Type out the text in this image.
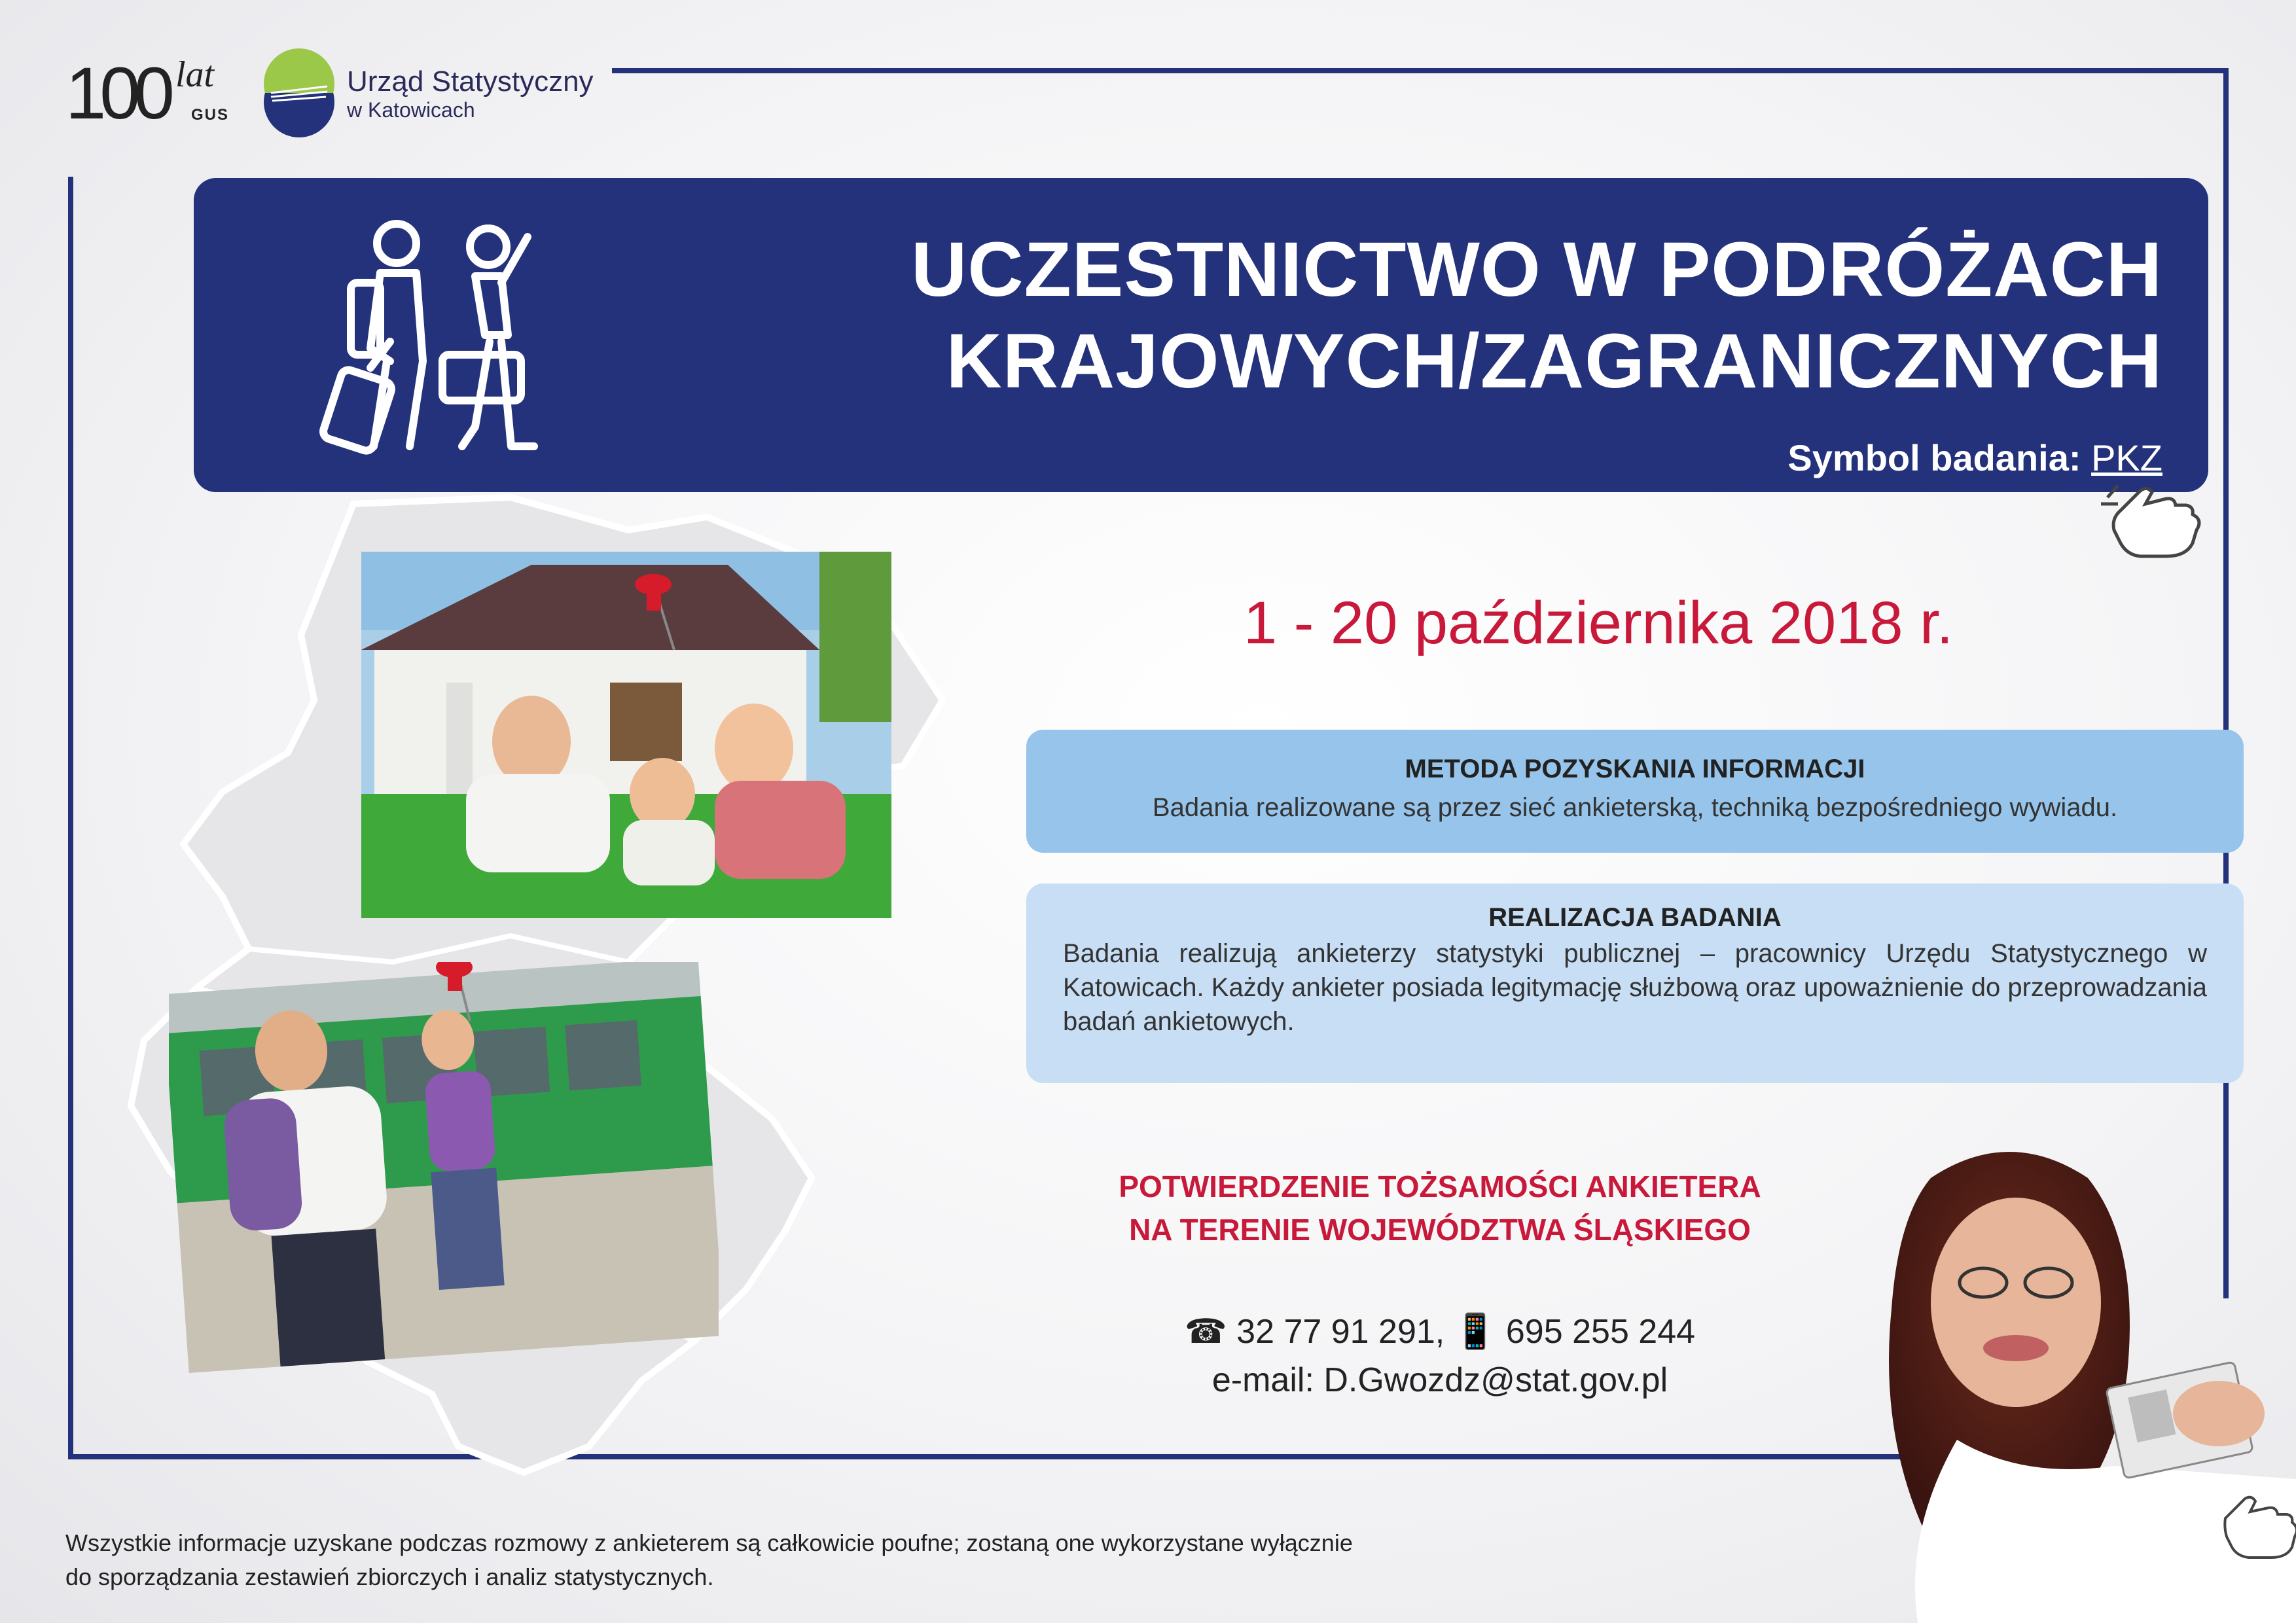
100 lat
GUS
Urząd Statystyczny
w Katowicach
UCZESTNICTWO W PODRÓŻACH
KRAJOWYCH/ZAGRANICZNYCH
Symbol badania: PKZ
1 - 20 października 2018 r.
METODA POZYSKANIA INFORMACJI
Badania realizowane są przez sieć ankieterską, techniką bezpośredniego wywiadu.
REALIZACJA BADANIA
Badania realizują ankieterzy statystyki publicznej – pracownicy Urzędu Statystycznego w Katowicach. Każdy ankieter posiada legitymację służbową oraz upoważnienie do przeprowadzania badań ankietowych.
POTWIERDZENIE TOŻSAMOŚCI ANKIETERA
NA TERENIE WOJEWÓDZTWA ŚLĄSKIEGO
☎ 32 77 91 291, 📱 695 255 244
e-mail: D.Gwozdz@stat.gov.pl
Wszystkie informacje uzyskane podczas rozmowy z ankieterem są całkowicie poufne; zostaną one wykorzystane wyłącznie
do sporządzania zestawień zbiorczych i analiz statystycznych.
